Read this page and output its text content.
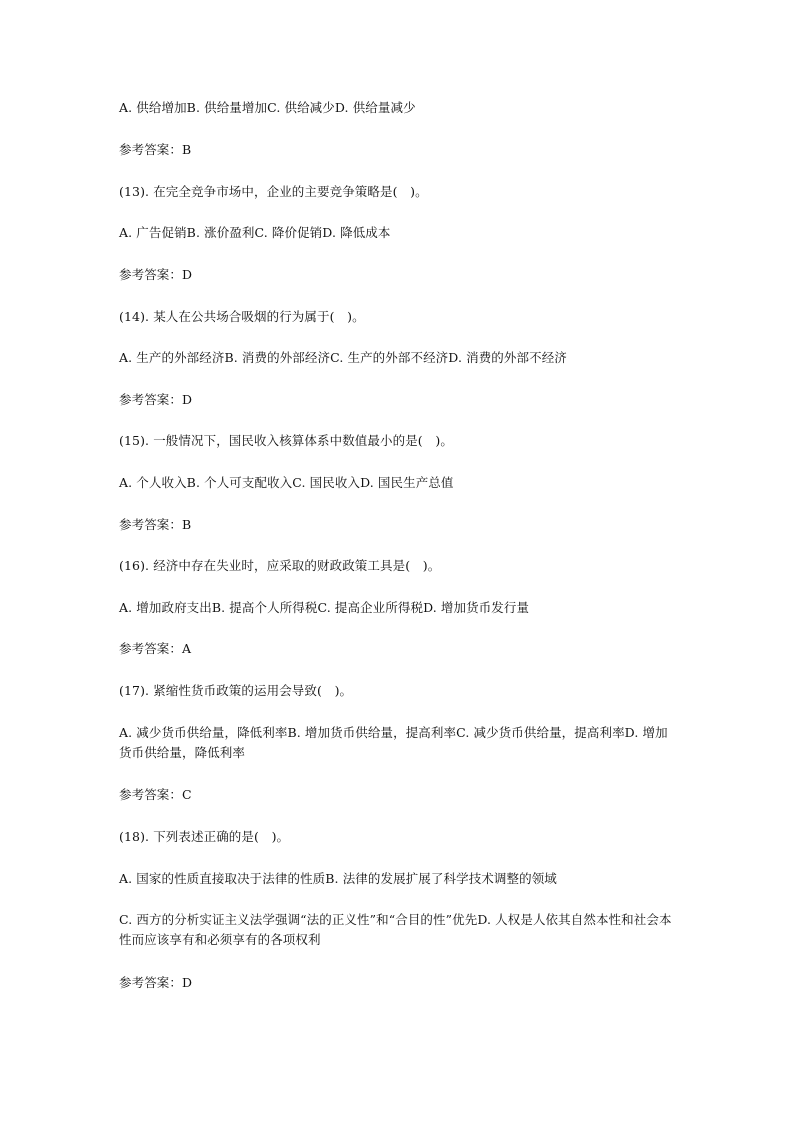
A. 供给增加B. 供给量增加C. 供给减少D. 供给量减少
参考答案：B
(13). 在完全竞争市场中，企业的主要竞争策略是(　)。
A. 广告促销B. 涨价盈利C. 降价促销D. 降低成本
参考答案：D
(14). 某人在公共场合吸烟的行为属于(　)。
A. 生产的外部经济B. 消费的外部经济C. 生产的外部不经济D. 消费的外部不经济
参考答案：D
(15). 一般情况下，国民收入核算体系中数值最小的是(　)。
A. 个人收入B. 个人可支配收入C. 国民收入D. 国民生产总值
参考答案：B
(16). 经济中存在失业时，应采取的财政政策工具是(　)。
A. 增加政府支出B. 提高个人所得税C. 提高企业所得税D. 增加货币发行量
参考答案：A
(17). 紧缩性货币政策的运用会导致(　)。
A. 减少货币供给量，降低利率B. 增加货币供给量，提高利率C. 减少货币供给量，提高利率D. 增加货币供给量，降低利率
参考答案：C
(18). 下列表述正确的是(　)。
A. 国家的性质直接取决于法律的性质B. 法律的发展扩展了科学技术调整的领域
C. 西方的分析实证主义法学强调“法的正义性”和“合目的性”优先D. 人权是人依其自然本性和社会本性而应该享有和必须享有的各项权利
参考答案：D
